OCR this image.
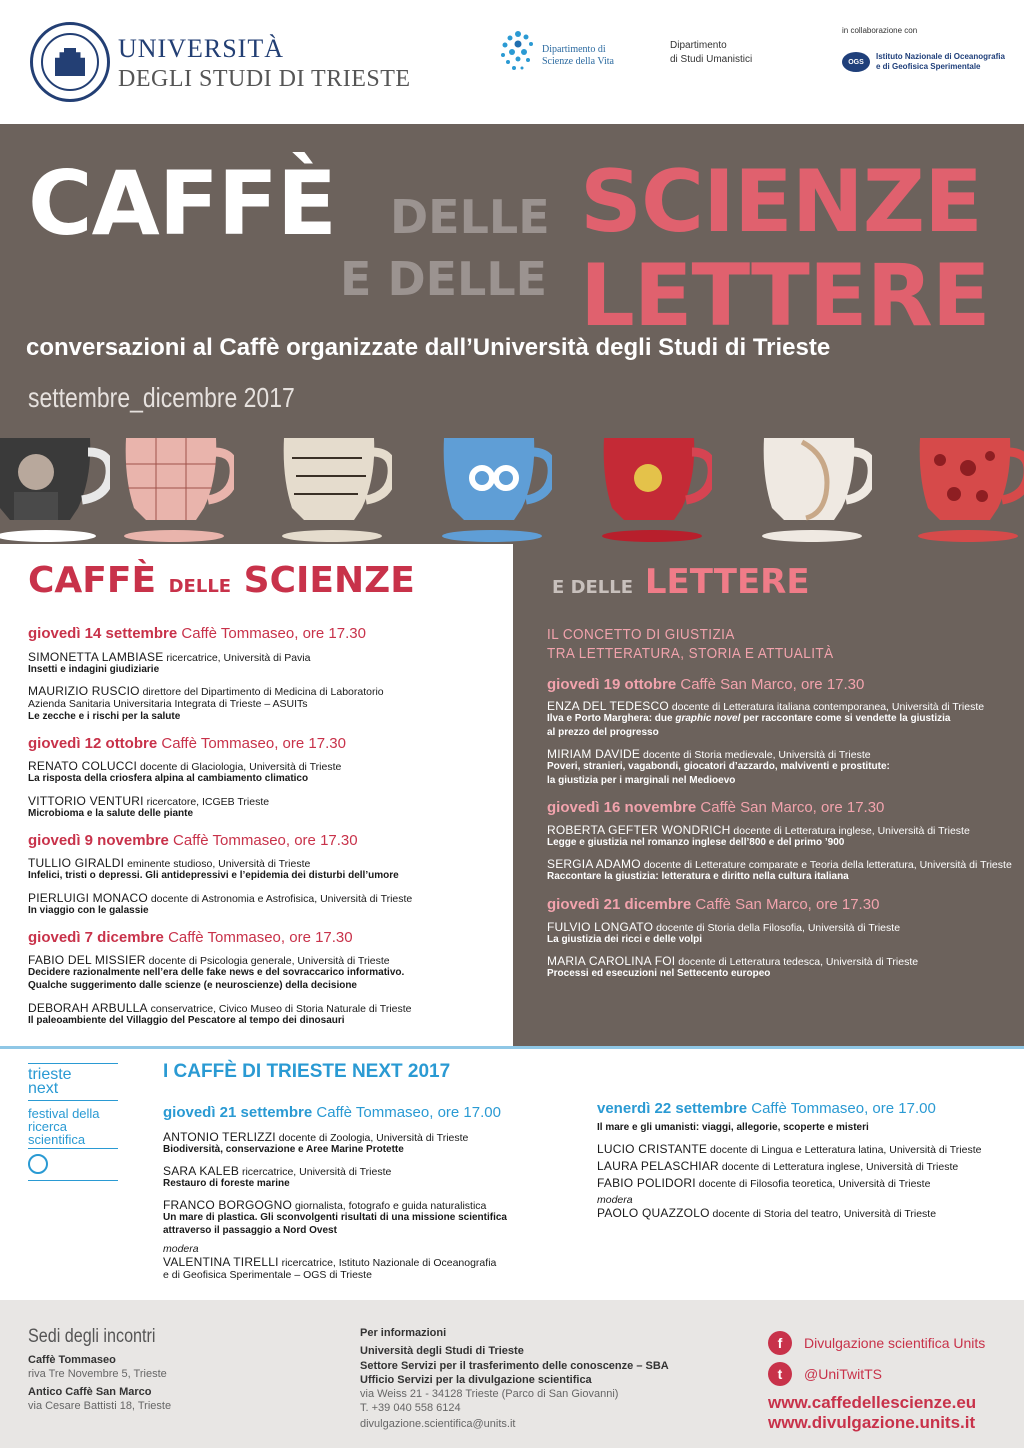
UNIVERSITÀ
DEGLI STUDI DI TRIESTE
Dipartimento di
Scienze della Vita
Dipartimento
di Studi Umanistici
in collaborazione con
OGS
Istituto Nazionale di Oceanografia
e di Geofisica Sperimentale
CAFFÈ DELLE SCIENZE
E DELLE LETTERE
conversazioni al Caffè organizzate dall’Università degli Studi di Trieste
settembre_dicembre 2017
CAFFÈ DELLE SCIENZE
giovedì 14 settembre Caffè Tommaseo, ore 17.30
SIMONETTA LAMBIASE ricercatrice, Università di Pavia
Insetti e indagini giudiziarie
MAURIZIO RUSCIO direttore del Dipartimento di Medicina di Laboratorio
Azienda Sanitaria Universitaria Integrata di Trieste – ASUITs
Le zecche e i rischi per la salute
giovedì 12 ottobre Caffè Tommaseo, ore 17.30
RENATO COLUCCI docente di Glaciologia, Università di Trieste
La risposta della criosfera alpina al cambiamento climatico
VITTORIO VENTURI ricercatore, ICGEB Trieste
Microbioma e la salute delle piante
giovedì 9 novembre Caffè Tommaseo, ore 17.30
TULLIO GIRALDI eminente studioso, Università di Trieste
Infelici, tristi o depressi. Gli antidepressivi e l’epidemia dei disturbi dell’umore
PIERLUIGI MONACO docente di Astronomia e Astrofisica, Università di Trieste
In viaggio con le galassie
giovedì 7 dicembre Caffè Tommaseo, ore 17.30
FABIO DEL MISSIER docente di Psicologia generale, Università di Trieste
Decidere razionalmente nell’era delle fake news e del sovraccarico informativo.
Qualche suggerimento dalle scienze (e neuroscienze) della decisione
DEBORAH ARBULLA conservatrice, Civico Museo di Storia Naturale di Trieste
Il paleoambiente del Villaggio del Pescatore al tempo dei dinosauri
E DELLE LETTERE
IL CONCETTO DI GIUSTIZIA
TRA LETTERATURA, STORIA E ATTUALITÀ
giovedì 19 ottobre Caffè San Marco, ore 17.30
ENZA DEL TEDESCO docente di Letteratura italiana contemporanea, Università di Trieste
Ilva e Porto Marghera: due graphic novel per raccontare come si vendette la giustizia
al prezzo del progresso
MIRIAM DAVIDE docente di Storia medievale, Università di Trieste
Poveri, stranieri, vagabondi, giocatori d’azzardo, malviventi e prostitute:
la giustizia per i marginali nel Medioevo
giovedì 16 novembre Caffè San Marco, ore 17.30
ROBERTA GEFTER WONDRICH docente di Letteratura inglese, Università di Trieste
Legge e giustizia nel romanzo inglese dell’800 e del primo ’900
SERGIA ADAMO docente di Letterature comparate e Teoria della letteratura, Università di Trieste
Raccontare la giustizia: letteratura e diritto nella cultura italiana
giovedì 21 dicembre Caffè San Marco, ore 17.30
FULVIO LONGATO docente di Storia della Filosofia, Università di Trieste
La giustizia dei ricci e delle volpi
MARIA CAROLINA FOI docente di Letteratura tedesca, Università di Trieste
Processi ed esecuzioni nel Settecento europeo
trieste
next
festival della
ricerca
scientifica
I CAFFÈ DI TRIESTE NEXT 2017
giovedì 21 settembre Caffè Tommaseo, ore 17.00
ANTONIO TERLIZZI docente di Zoologia, Università di Trieste
Biodiversità, conservazione e Aree Marine Protette
SARA KALEB ricercatrice, Università di Trieste
Restauro di foreste marine
FRANCO BORGOGNO giornalista, fotografo e guida naturalistica
Un mare di plastica. Gli sconvolgenti risultati di una missione scientifica
attraverso il passaggio a Nord Ovest
modera
VALENTINA TIRELLI ricercatrice, Istituto Nazionale di Oceanografia
e di Geofisica Sperimentale – OGS di Trieste
venerdì 22 settembre Caffè Tommaseo, ore 17.00
Il mare e gli umanisti: viaggi, allegorie, scoperte e misteri
LUCIO CRISTANTE docente di Lingua e Letteratura latina, Università di Trieste
LAURA PELASCHIAR docente di Letteratura inglese, Università di Trieste
FABIO POLIDORI docente di Filosofia teoretica, Università di Trieste
modera
PAOLO QUAZZOLO docente di Storia del teatro, Università di Trieste
Sedi degli incontri
Caffè Tommaseo
riva Tre Novembre 5, Trieste
Antico Caffè San Marco
via Cesare Battisti 18, Trieste
Per informazioni
Università degli Studi di Trieste
Settore Servizi per il trasferimento delle conoscenze – SBA
Ufficio Servizi per la divulgazione scientifica
via Weiss 21 - 34128 Trieste (Parco di San Giovanni)
T. +39 040 558 6124
divulgazione.scientifica@units.it
f	Divulgazione scientifica Units
t	@UniTwitTS
www.caffedellescienze.eu
www.divulgazione.units.it
